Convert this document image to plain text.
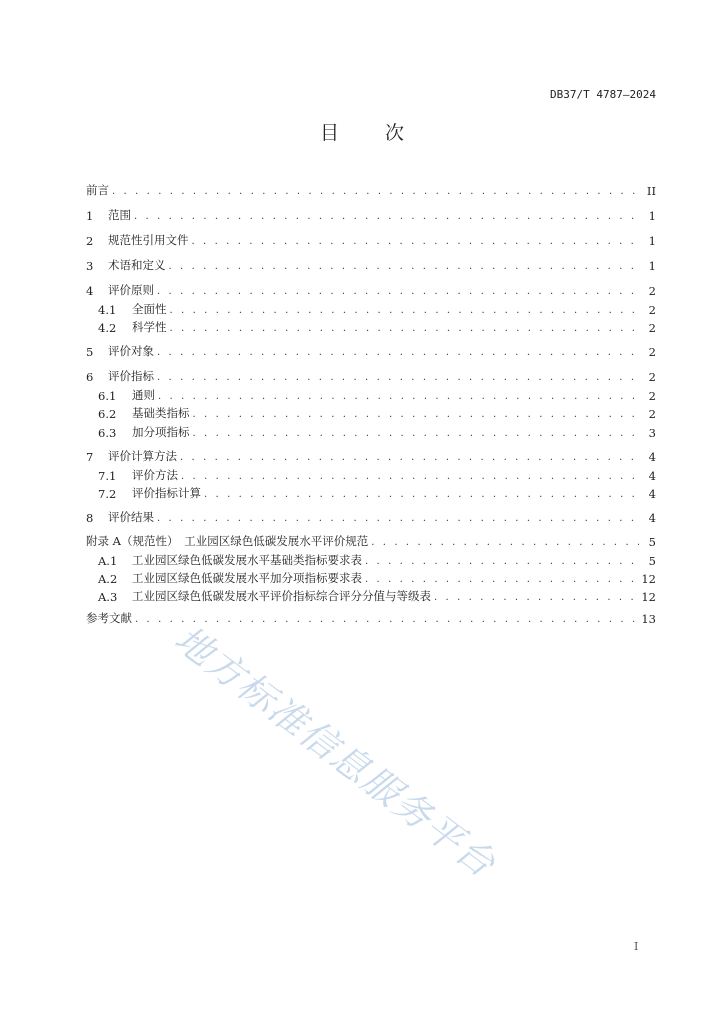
DB37/T 4787—2024
目 次
前言 . . .	II
1	范围 . . .	1
2	规范性引用文件 . . .	1
3	术语和定义 . . .	1
4	评价原则 . . .	2
4.1	全面性 . . .	2
4.2	科学性 . . .	2
5	评价对象 . . .	2
6	评价指标 . . .	2
6.1	通则 . . .	2
6.2	基础类指标 . . .	2
6.3	加分项指标 . . .	3
7	评价计算方法 . . .	4
7.1	评价方法 . . .	4
7.2	评价指标计算 . . .	4
8	评价结果 . . .	4
附录 A（规范性）　工业园区绿色低碳发展水平评价规范 . . .	5
A.1	工业园区绿色低碳发展水平基础类指标要求表 . . .	5
A.2	工业园区绿色低碳发展水平加分项指标要求表 . . .	12
A.3	工业园区绿色低碳发展水平评价指标综合评分分值与等级表 . . .	12
参考文献 . . .	13
地方标准信息服务平台
I
